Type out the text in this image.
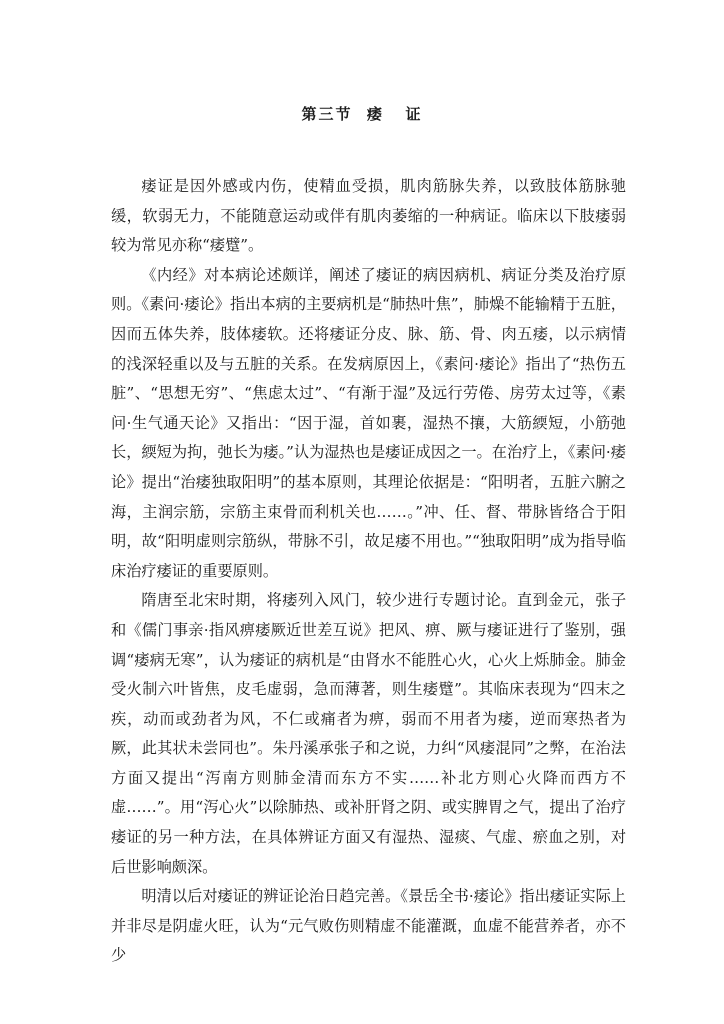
第三节  痿   证

痿证是因外感或内伤，使精血受损，肌肉筋脉失养，以致肢体筋脉驰缓，软弱无力，不能随意运动或伴有肌肉萎缩的一种病证。临床以下肢痿弱较为常见亦称“痿躄”。

《内经》对本病论述颇详，阐述了痿证的病因病机、病证分类及治疗原则。《素问·痿论》指出本病的主要病机是“肺热叶焦”，肺燥不能输精于五脏，因而五体失养，肢体痿软。还将痿证分皮、脉、筋、骨、肉五痿，以示病情的浅深轻重以及与五脏的关系。在发病原因上，《素问·痿论》指出了“热伤五脏”、“思想无穷”、“焦虑太过”、“有渐于湿”及远行劳倦、房劳太过等，《素问·生气通天论》又指出：“因于湿，首如裹，湿热不攘，大筋緛短，小筋弛长，緛短为拘，弛长为痿。”认为湿热也是痿证成因之一。在治疗上，《素问·痿论》提出“治痿独取阳明”的基本原则，其理论依据是：“阳明者，五脏六腑之海，主润宗筋，宗筋主束骨而利机关也……。”冲、任、督、带脉皆络合于阳明，故“阳明虚则宗筋纵，带脉不引，故足痿不用也。”“独取阳明”成为指导临床治疗痿证的重要原则。

隋唐至北宋时期，将痿列入风门，较少进行专题讨论。直到金元，张子和《儒门事亲·指风痹痿厥近世差互说》把风、痹、厥与痿证进行了鉴别，强调“痿病无寒”，认为痿证的病机是“由肾水不能胜心火，心火上烁肺金。肺金受火制六叶皆焦，皮毛虚弱，急而薄著，则生痿躄”。其临床表现为“四末之疾，动而或劲者为风，不仁或痛者为痹，弱而不用者为痿，逆而寒热者为厥，此其状未尝同也”。朱丹溪承张子和之说，力纠“风痿混同”之弊，在治法方面又提出“泻南方则肺金清而东方不实……补北方则心火降而西方不虚……”。用“泻心火”以除肺热、或补肝肾之阴、或实脾胃之气，提出了治疗痿证的另一种方法，在具体辨证方面又有湿热、湿痰、气虚、瘀血之别，对后世影响颇深。

明清以后对痿证的辨证论治日趋完善。《景岳全书·痿论》指出痿证实际上并非尽是阴虚火旺，认为“元气败伤则精虚不能灌溉，血虚不能营养者，亦不少
